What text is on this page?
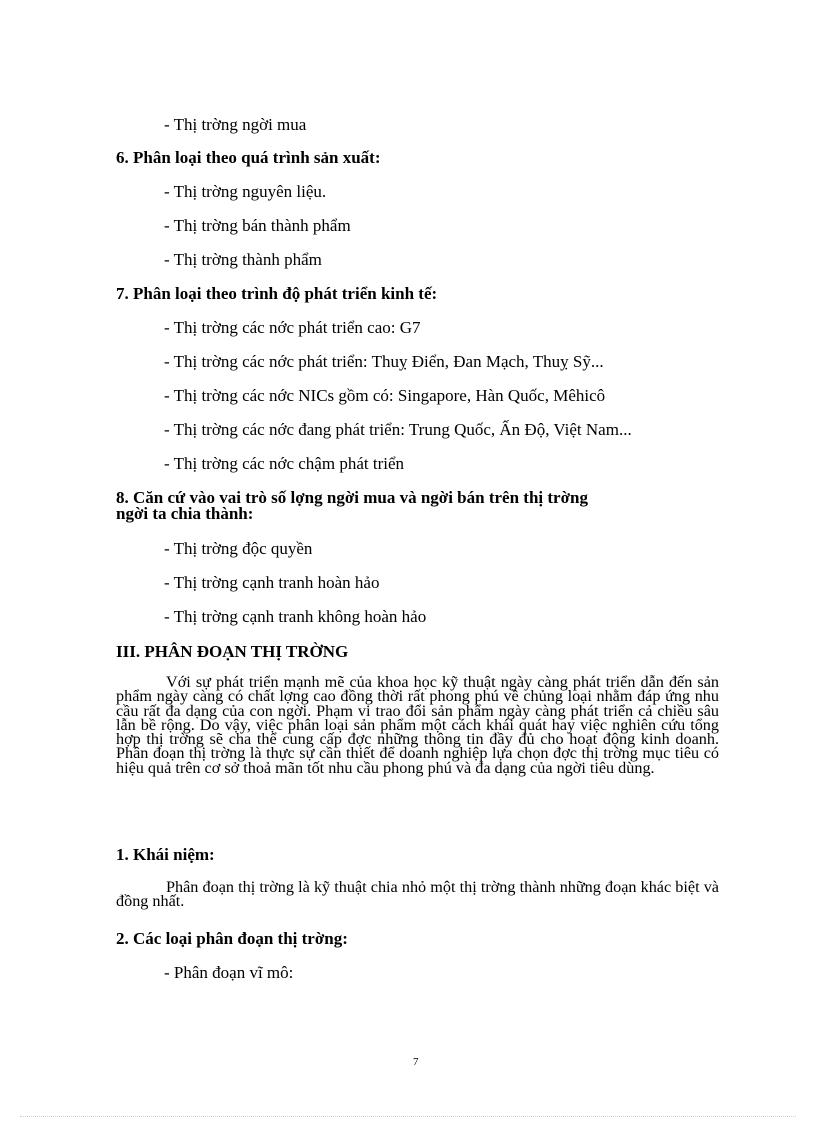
- Thị trờng ngời mua
6. Phân loại theo quá trình sản xuất:
- Thị trờng nguyên liệu.
- Thị trờng bán thành phẩm
- Thị trờng thành phẩm
7. Phân loại theo trình độ phát triển kinh tế:
- Thị trờng các nớc phát triển cao: G7
- Thị trờng các nớc phát triển: Thuỵ Điển, Đan Mạch, Thuỵ Sỹ...
- Thị trờng các nớc NICs gồm có: Singapore, Hàn Quốc, Mêhicô
- Thị trờng các nớc đang phát triển: Trung Quốc, Ấn Độ, Việt Nam...
- Thị trờng các nớc chậm phát triển
8. Căn cứ vào vai trò số lợng ngời mua và ngời bán trên thị trờng
ngời ta chia thành:
- Thị trờng độc quyền
- Thị trờng cạnh tranh hoàn hảo
- Thị trờng cạnh tranh không hoàn hảo
III. PHÂN ĐOẠN THỊ TRỜNG
Với sự phát triển mạnh mẽ của khoa học kỹ thuật ngày càng phát triển dẫn đến sản phẩm ngày càng có chất lợng cao đồng thời rất phong phú về chủng loại nhằm đáp ứng nhu cầu rất đa dạng của con ngời. Phạm vi trao đổi sản phẩm ngày càng phát triển cả chiều sâu lẫn bề rộng. Do vậy, việc phân loại sản phẩm một cách khái quát hay việc nghiên cứu tổng hợp thị trờng sẽ cha thể cung cấp đợc những thông tin đầy đủ cho hoạt động kinh doanh. Phân đoạn thị trờng là thực sự cần thiết để doanh nghiệp lựa chọn đợc thị trờng mục tiêu có hiệu quả trên cơ sở thoả mãn tốt nhu cầu phong phú và đa dạng của ngời tiêu dùng.
1. Khái niệm:
Phân đoạn thị trờng là kỹ thuật chia nhỏ một thị trờng thành những đoạn khác biệt và đồng nhất.
2. Các loại phân đoạn thị trờng:
- Phân đoạn vĩ mô:
7
